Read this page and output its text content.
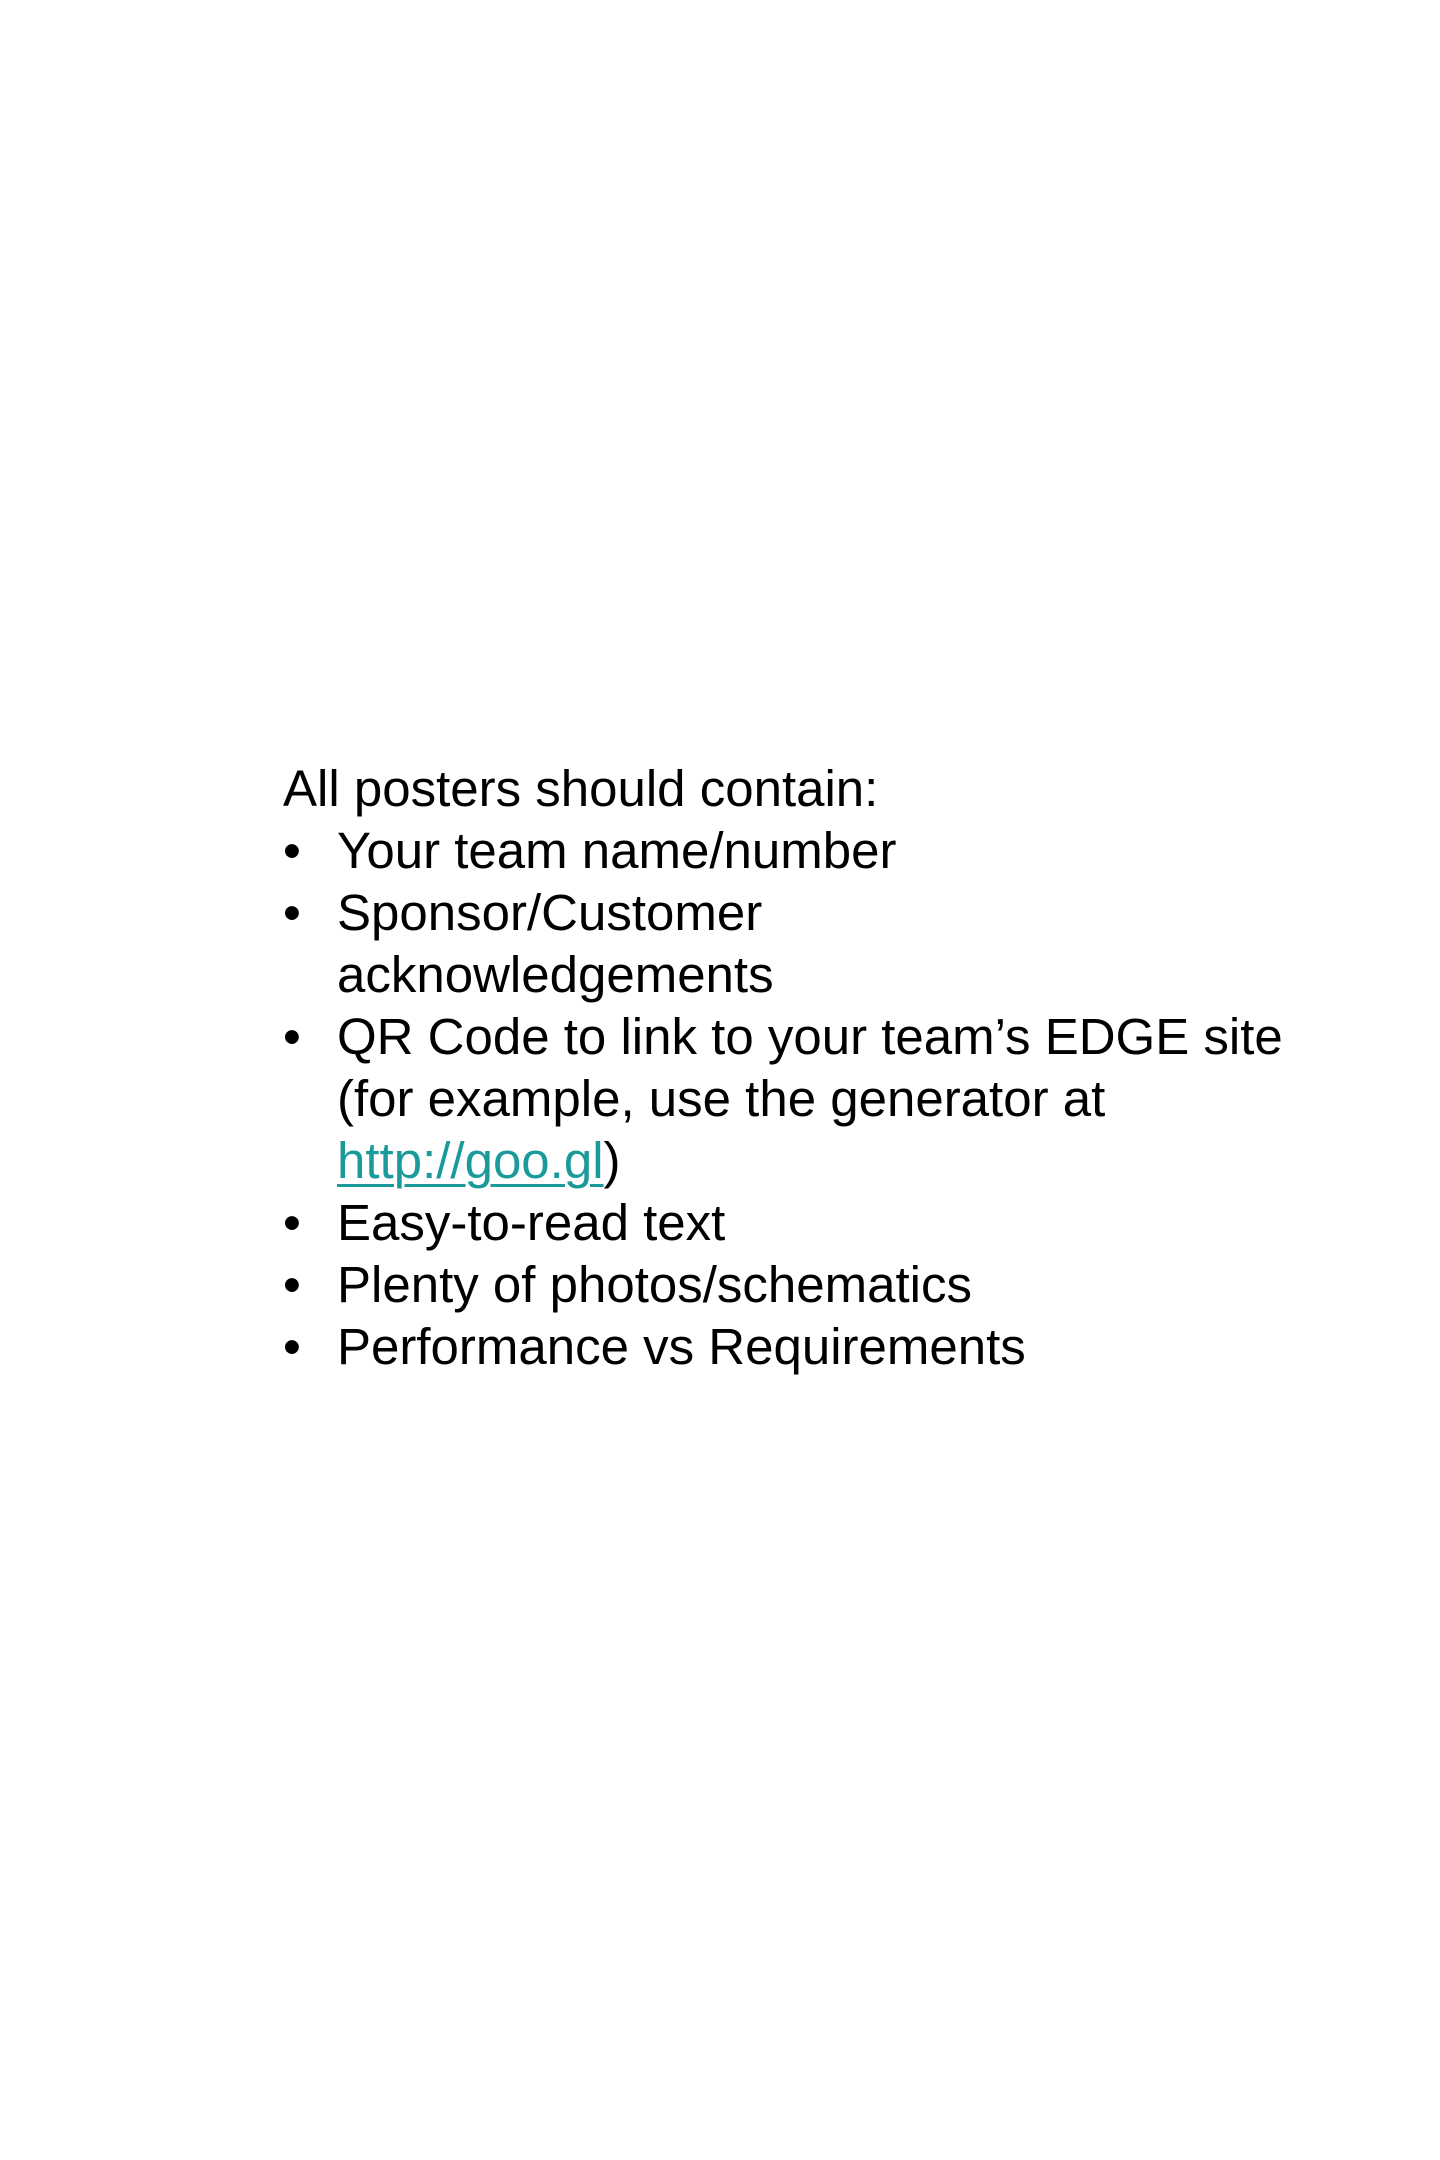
All posters should contain:

• Your team name/number
• Sponsor/Customer
acknowledgements
• QR Code to link to your team’s EDGE site (for example, use the generator at http://goo.gl)
• Easy-to-read text
• Plenty of photos/schematics
• Performance vs Requirements
